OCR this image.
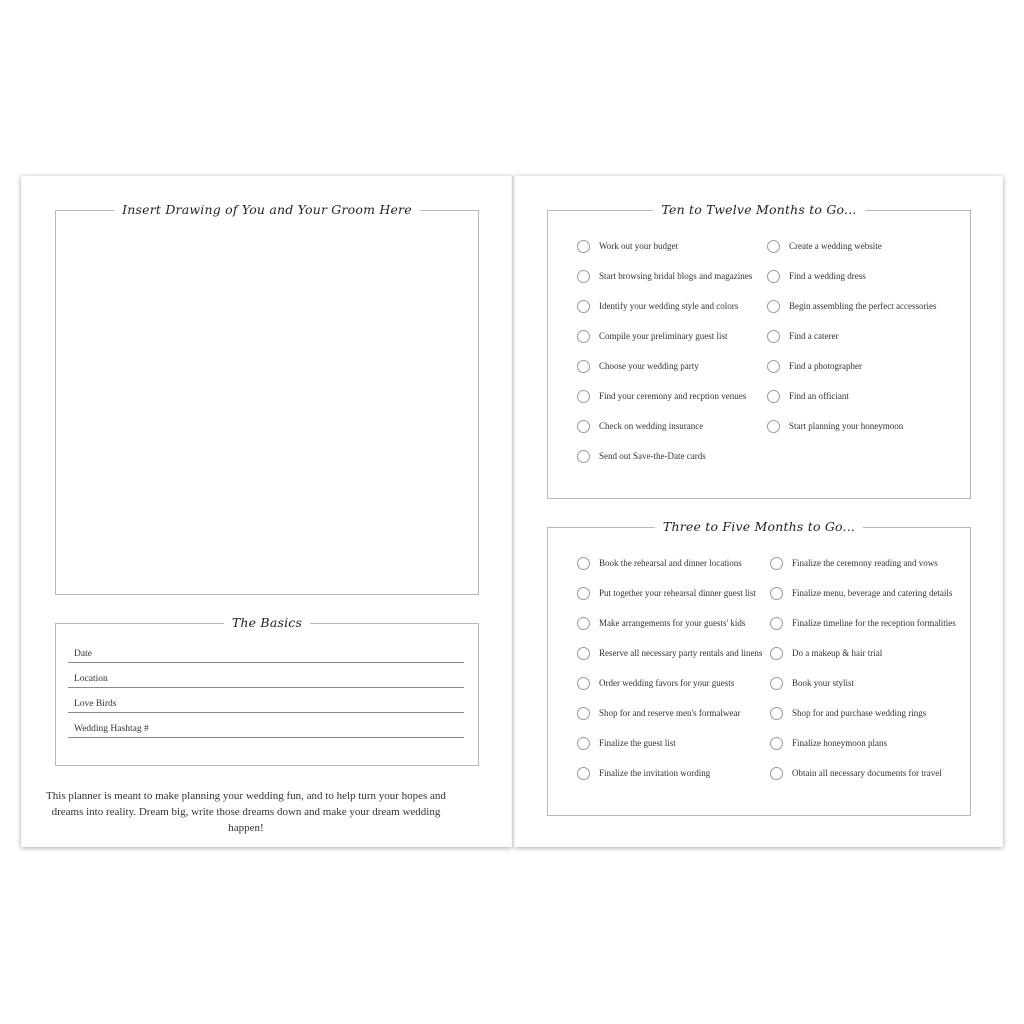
Insert Drawing of You and Your Groom Here
The Basics
Date
Location
Love Birds
Wedding Hashtag #
This planner is meant to make planning your wedding fun, and to help turn your hopes and dreams into reality. Dream big, write those dreams down and make your dream wedding happen!
Ten to Twelve Months to Go...
Work out your budget
Start browsing bridal blogs and magazines
Identify your wedding style and colors
Compile your preliminary guest list
Choose your wedding party
Find your ceremony and recption venues
Check on wedding insurance
Send out Save-the-Date cards
Create a wedding website
Find a wedding dress
Begin assembling the perfect accessories
Find a caterer
Find a photographer
Find an officiant
Start planning your honeymoon
Three to Five Months to Go...
Book the rehearsal and dinner locations
Put together your rehearsal dinner guest list
Make arrangements for your guests' kids
Reserve all necessary party rentals and linens
Order wedding favors for your guests
Shop for and reserve men's formalwear
Finalize the guest list
Finalize the invitation wording
Finalize the ceremony reading and vows
Finalize menu, beverage and catering details
Finalize timeline for the reception formalities
Do a makeup & hair trial
Book your stylist
Shop for and purchase wedding rings
Finalize honeymoon plans
Obtain all necessary documents for travel
